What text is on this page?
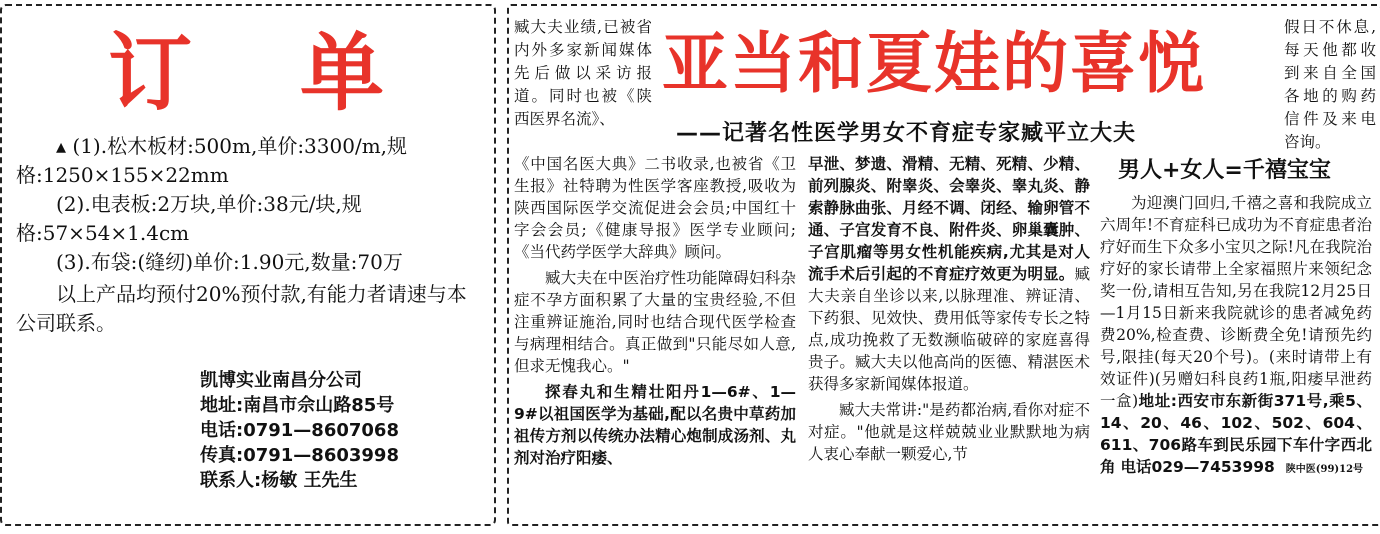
订 单

▴ (1).松木板材:500m,单价:3300/m,规格:1250×155×22mm

(2).电表板:2万块,单价:38元/块,规格:57×54×1.4cm

(3).布袋:(缝纫)单价:1.90元,数量:70万

以上产品均预付20%预付款,有能力者请速与本公司联系。

凯博实业南昌分公司

地址:南昌市佘山路85号

电话:0791—8607068

传真:0791—8603998

联系人:杨敏 王先生

亚当和夏娃的喜悦
——记著名性医学男女不育症专家臧平立大夫
臧大夫业绩,已被省内外多家新闻媒体先后做以采访报道。同时也被《陕西医界名流》、

《中国名医大典》二书收录,也被省《卫生报》社特聘为性医学客座教授,吸收为陕西国际医学交流促进会会员;中国红十字会会员;《健康导报》医学专业顾问;《当代药学医学大辞典》顾问。

臧大夫在中医治疗性功能障碍妇科杂症不孕方面积累了大量的宝贵经验,不但注重辨证施治,同时也结合现代医学检查与病理相结合。真正做到"只能尽如人意,但求无愧我心。"

探春丸和生精壮阳丹1—6#、1—9#以祖国医学为基础,配以名贵中草药加祖传方剂以传统办法精心炮制成汤剂、丸剂对治疗阳痿、

早泄、梦遗、滑精、无精、死精、少精、前列腺炎、附睾炎、会睾炎、睾丸炎、静索静脉曲张、月经不调、闭经、输卵管不通、子宫发育不良、附件炎、卵巢囊肿、子宫肌瘤等男女性机能疾病,尤其是对人流手术后引起的不育症疗效更为明显。臧大夫亲自坐诊以来,以脉理准、辨证清、下药狠、见效快、费用低等家传专长之特点,成功挽救了无数濒临破碎的家庭喜得贵子。臧大夫以他高尚的医德、精湛医术获得多家新闻媒体报道。

臧大夫常讲:"是药都治病,看你对症不对症。"他就是这样兢兢业业默默地为病人衷心奉献一颗爱心,节

假日不休息,每天他都收到来自全国各地的购药信件及来电咨询。
男人+女人=千禧宝宝

为迎澳门回归,千禧之喜和我院成立六周年!不育症科已成功为不育症患者治疗好而生下众多小宝贝之际!凡在我院治疗好的家长请带上全家福照片来领纪念奖一份,请相互告知,另在我院12月25日—1月15日新来我院就诊的患者减免药费20%,检查费、诊断费全免!请预先约号,限挂(每天20个号)。(来时请带上有效证件)(另赠妇科良药1瓶,阳痿早泄药一盒)地址:西安市东新街371号,乘5、14、20、46、102、502、604、611、706路车到民乐园下车什字西北角 电话029—7453998 陕中医(99)12号
